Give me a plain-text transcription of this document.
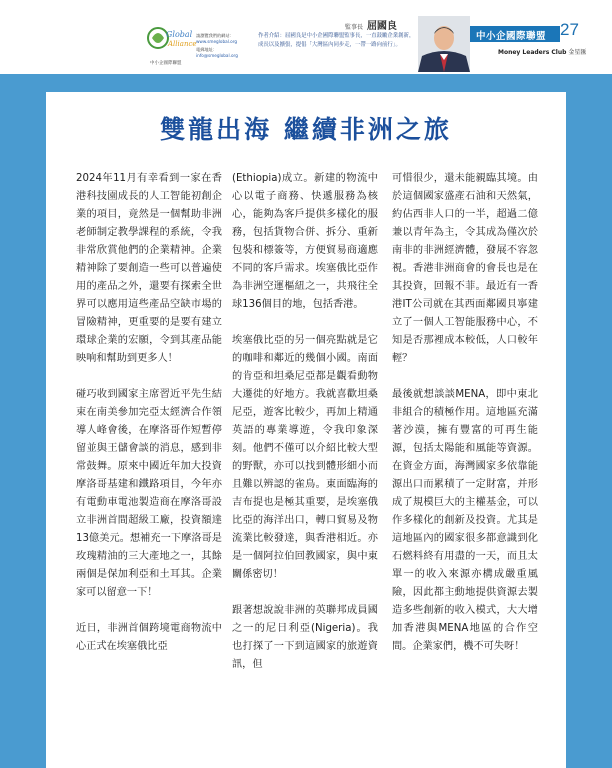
Global
Alliance
請瀏覽我們的網站：
www.smeglobal.org
電郵地址：
info@smeglobal.org
中小企國際聯盟
監事長 屈國良
作者介紹：屈國良是中小企國際聯盟監事長，一直鼓勵企業創新，成長以及擴張，提倡「大灣區內同步走，一帶一路向前行」。
中小企國際聯盟 27
Money Leaders Club 金星匯
雙龍出海 繼續非洲之旅

2024年11月有幸看到一家在香港科技園成長的人工智能初創企業的項目，竟然是一個幫助非洲老師制定教學課程的系統，令我非常欣賞他們的企業精神。企業精神除了要創造一些可以普遍使用的產品之外，還要有探索全世界可以應用這些產品空缺市場的冒險精神，更重要的是要有建立環球企業的宏願，令到其產品能映响和幫助到更多人！

碰巧收到國家主席習近平先生結束在南美參加完亞太經濟合作領導人峰會後，在摩洛哥作短暫停留並與王儲會談的消息，感到非常鼓舞。原來中國近年加大投資摩洛哥基建和鐵路項目，今年亦有電動車電池製造商在摩洛哥設立非洲首間超級工廠，投資額達13億美元。想補充一下摩洛哥是玫瑰精油的三大產地之一，其餘兩個是保加利亞和土耳其。企業家可以留意一下！

近日，非洲首個跨境電商物流中心正式在埃塞俄比亞

(Ethiopia)成立。新建的物流中心以電子商務、快遞服務為核心，能夠為客戶提供多樣化的服務，包括貨物合併、拆分、重新包裝和標簽等，方便貿易商適應不同的客戶需求。埃塞俄比亞作為非洲空運樞紐之一，共飛往全球136個目的地，包括香港。

埃塞俄比亞的另一個亮點就是它的咖啡和鄰近的幾個小國。南面的肯亞和坦桑尼亞都是觀看動物大遷徙的好地方。我就喜歡坦桑尼亞，遊客比較少，再加上精通英語的專業導遊，令我印象深刻。他們不僅可以介紹比較大型的野獸，亦可以找到體形細小而且難以辨認的雀鳥。東面臨海的吉布提也是極其重要，是埃塞俄比亞的海洋出口，轉口貿易及物流業比較發達，與香港相近。亦是一個阿拉伯回教國家，與中東關係密切！

跟著想說說非洲的英聯邦成員國之一的尼日利亞(Nigeria)。我也打探了一下到這國家的旅遊資訊，但

可惜很少，還未能親臨其境。由於這個國家盛產石油和天然氣，約佔西非人口的一半，超過二億兼以青年為主，令其成為僅次於南非的非洲經濟體，發展不容忽視。香港非洲商會的會長也是在其投資，回報不菲。最近有一香港IT公司就在其西面鄰國貝寧建立了一個人工智能服務中心，不知是否那裡成本較低，人口較年輕？

最後就想談談MENA，即中東北非組合的積極作用。這地區充滿著沙漠，擁有豐富的可再生能源，包括太陽能和風能等資源。在資金方面，海灣國家多依靠能源出口而累積了一定財富，并形成了規模巨大的主權基金，可以作多樣化的創新及投資。尤其是這地區內的國家很多都意識到化石燃料終有用盡的一天，而且太單一的收入來源亦構成嚴重風險，因此都主動地提供資源去製造多些創新的收入模式，大大增加香港與MENA地區的合作空間。企業家們，機不可失呀！
